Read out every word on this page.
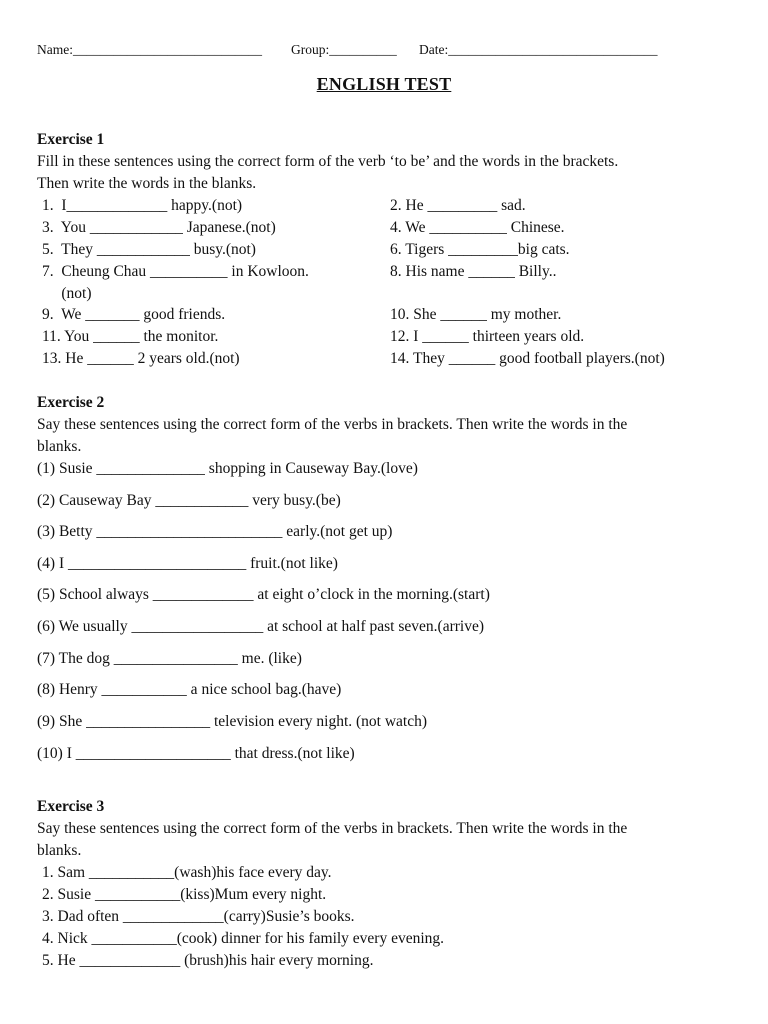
Name:____________________________ Group:__________ Date:_______________________________
ENGLISH TEST
Exercise 1
Fill in these sentences using the correct form of the verb ‘to be’ and the words in the brackets.
Then write the words in the blanks.
1.  I_____________ happy.(not)
3.  You ____________ Japanese.(not)
5.  They ____________ busy.(not)
7.  Cheung Chau __________ in Kowloon.
(not)
9.  We _______ good friends.
11. You ______ the monitor.
13. He ______ 2 years old.(not)
2. He _________ sad.
4. We __________ Chinese.
6. Tigers _________big cats.
8. His name ______ Billy..
10. She ______ my mother.
12. I ______ thirteen years old.
14. They ______ good football players.(not)
Exercise 2
Say these sentences using the correct form of the verbs in brackets. Then write the words in the
blanks.
(1) Susie ______________ shopping in Causeway Bay.(love)
(2) Causeway Bay ____________ very busy.(be)
(3) Betty ________________________ early.(not get up)
(4) I _______________________ fruit.(not like)
(5) School always _____________ at eight o’clock in the morning.(start)
(6) We usually _________________ at school at half past seven.(arrive)
(7) The dog ________________ me. (like)
(8) Henry ___________ a nice school bag.(have)
(9) She ________________ television every night. (not watch)
(10) I ____________________ that dress.(not like)
Exercise 3
Say these sentences using the correct form of the verbs in brackets. Then write the words in the
blanks.
1. Sam ___________(wash)his face every day.
2. Susie ___________(kiss)Mum every night.
3. Dad often _____________(carry)Susie’s books.
4. Nick ___________(cook) dinner for his family every evening.
5. He _____________ (brush)his hair every morning.
